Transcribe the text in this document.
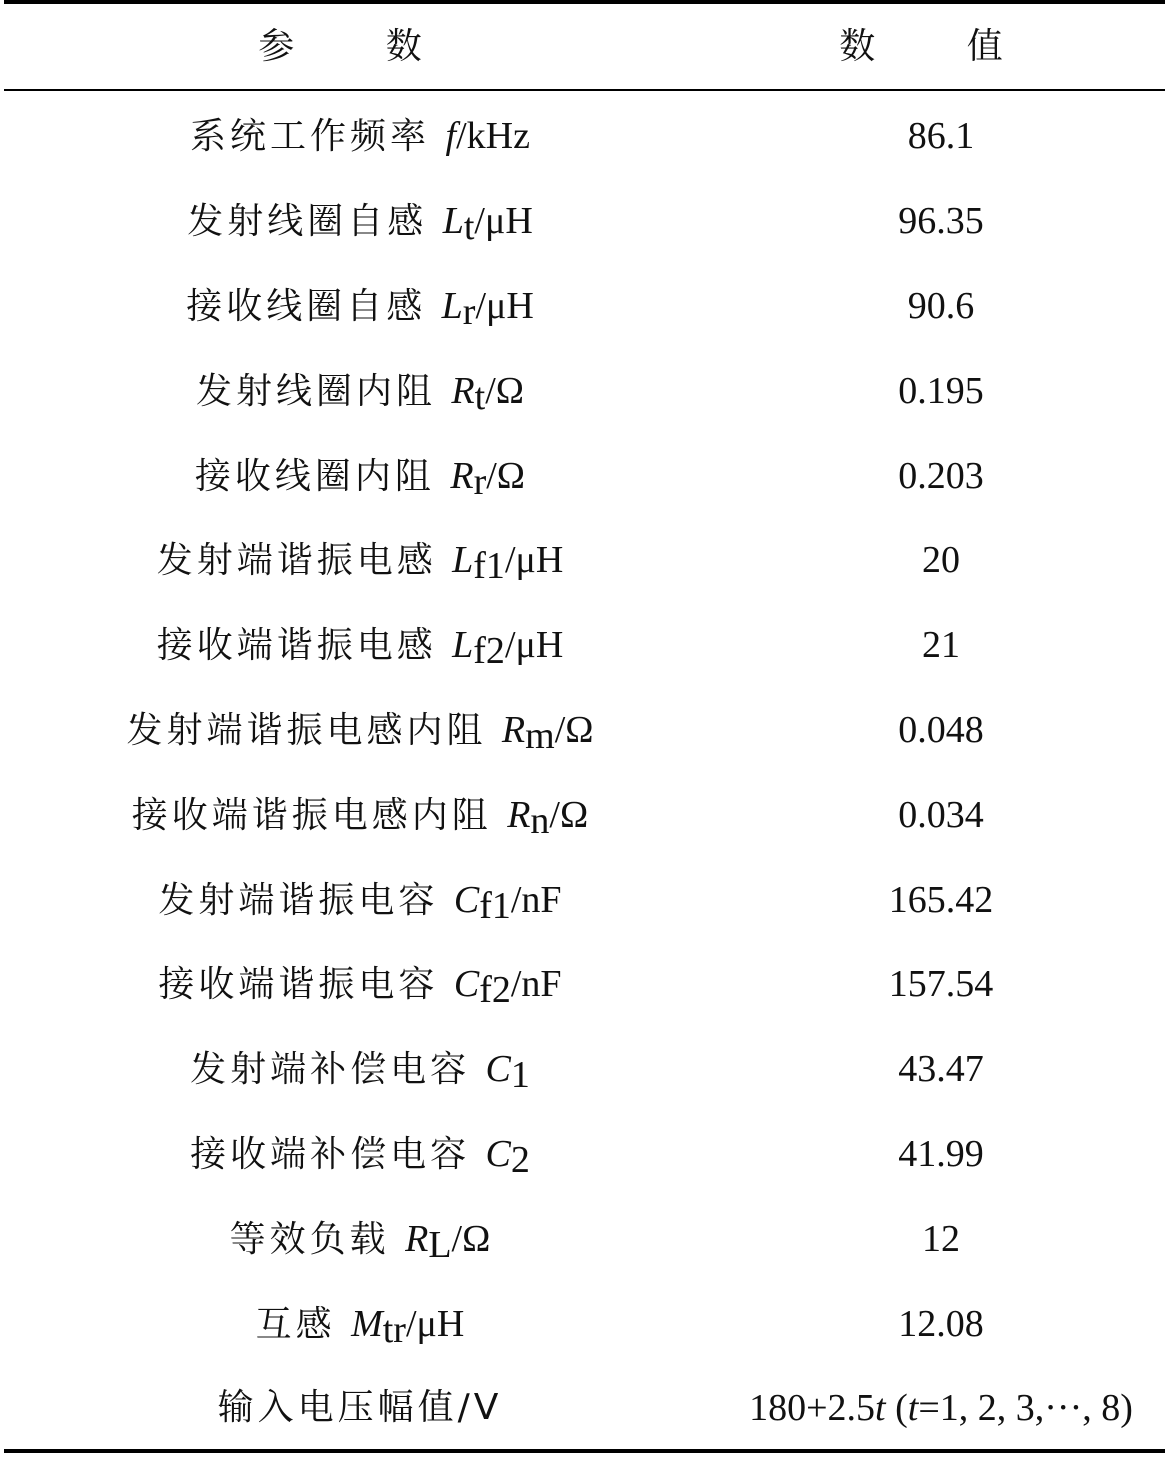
参 数	数 值
系统工作频率 f/kHz	86.1
发射线圈自感 $L_t/\mu H$	96.35
接收线圈自感 $L_r/\mu H$	90.6
发射线圈内阻 $R_t/\Omega$	0.195
接收线圈内阻 $R_r/\Omega$	0.203
发射端谐振电感 $L_{f1}/\mu H$	20
接收端谐振电感 $L_{f2}/\mu H$	21
发射端谐振电感内阻 $R_m/\Omega$	0.048
接收端谐振电感内阻 $R_n/\Omega$	0.034
发射端谐振电容 $C_{f1}/nF$	165.42
接收端谐振电容 $C_{f2}/nF$	157.54
发射端补偿电容 $C_1$	43.47
接收端补偿电容 $C_2$	41.99
等效负载 $R_L/\Omega$	12
互感 $M_{tr}/\mu H$	12.08
输入电压幅值/V	180+2.5t (t=1, 2, 3,···, 8)
